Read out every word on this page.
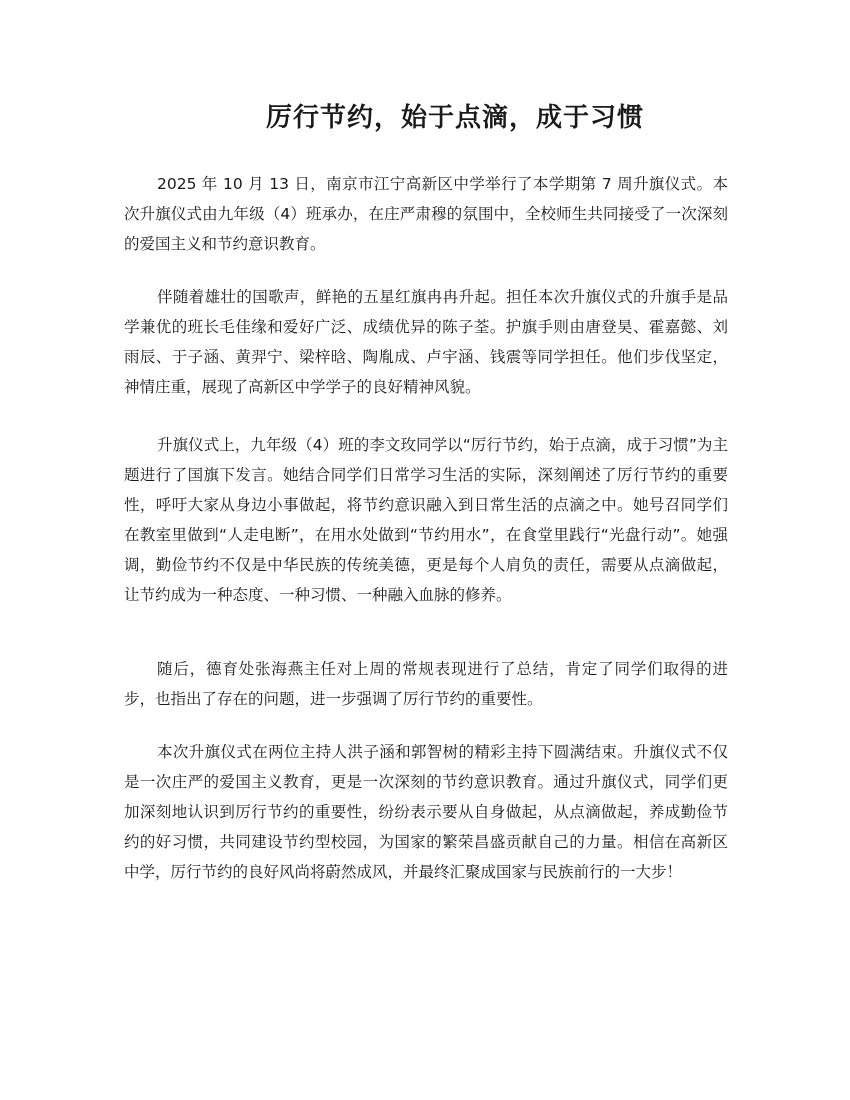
厉行节约，始于点滴，成于习惯

2025 年 10 月 13 日，南京市江宁高新区中学举行了本学期第 7 周升旗仪式。本次升旗仪式由九年级（4）班承办，在庄严肃穆的氛围中，全校师生共同接受了一次深刻的爱国主义和节约意识教育。

伴随着雄壮的国歌声，鲜艳的五星红旗冉冉升起。担任本次升旗仪式的升旗手是品学兼优的班长毛佳缘和爱好广泛、成绩优异的陈子荃。护旗手则由唐登昊、霍嘉懿、刘雨辰、于子涵、黄羿宁、梁梓晗、陶胤成、卢宇涵、钱震等同学担任。他们步伐坚定，神情庄重，展现了高新区中学学子的良好精神风貌。

升旗仪式上，九年级（4）班的李文玫同学以“厉行节约，始于点滴，成于习惯”为主题进行了国旗下发言。她结合同学们日常学习生活的实际，深刻阐述了厉行节约的重要性，呼吁大家从身边小事做起，将节约意识融入到日常生活的点滴之中。她号召同学们在教室里做到“人走电断”，在用水处做到“节约用水”，在食堂里践行“光盘行动”。她强调，勤俭节约不仅是中华民族的传统美德，更是每个人肩负的责任，需要从点滴做起，让节约成为一种态度、一种习惯、一种融入血脉的修养。

随后，德育处张海燕主任对上周的常规表现进行了总结，肯定了同学们取得的进步，也指出了存在的问题，进一步强调了厉行节约的重要性。

本次升旗仪式在两位主持人洪子涵和郭智树的精彩主持下圆满结束。升旗仪式不仅是一次庄严的爱国主义教育，更是一次深刻的节约意识教育。通过升旗仪式，同学们更加深刻地认识到厉行节约的重要性，纷纷表示要从自身做起，从点滴做起，养成勤俭节约的好习惯，共同建设节约型校园，为国家的繁荣昌盛贡献自己的力量。相信在高新区中学，厉行节约的良好风尚将蔚然成风，并最终汇聚成国家与民族前行的一大步！
